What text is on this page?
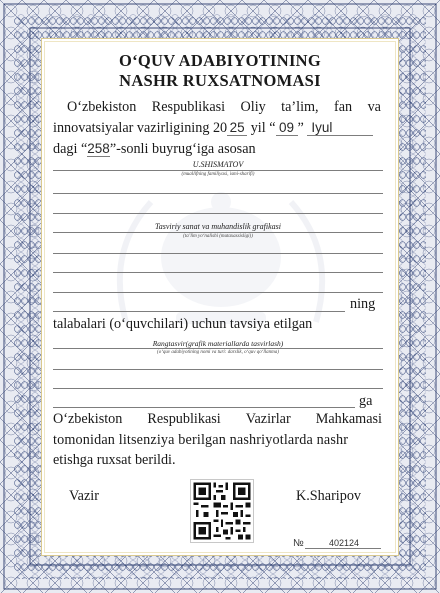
O‘QUV ADABIYOTINING
NASHR RUXSATNOMASI
O‘zbekiston Respublikasi Oliy ta’lim, fan va
innovatsiyalar vazirligining 20 25 yil “ 09 ” Iyul
dagi “258”-sonli buyrug‘iga asosan
U.SHISMATOV
(muallifning familiyasi, ismi-sharifi)
Tasviriy sanat va muhandislik grafikasi
(ta’lim yo‘nalishi (mutaxassisligi))
ning
talabalari (o‘quvchilari) uchun tavsiya etilgan
Rangtasvir(grafik materiallarda tasvirlash)
(o‘quv adabiyotining nomi va turi: darslik, o‘quv qo‘llanma)
ga
O‘zbekiston Respublikasi Vazirlar Mahkamasi
tomonidan litsenziya berilgan nashriyotlarda nashr
etishga ruxsat berildi.
Vazir	K.Sharipov
№	402124
